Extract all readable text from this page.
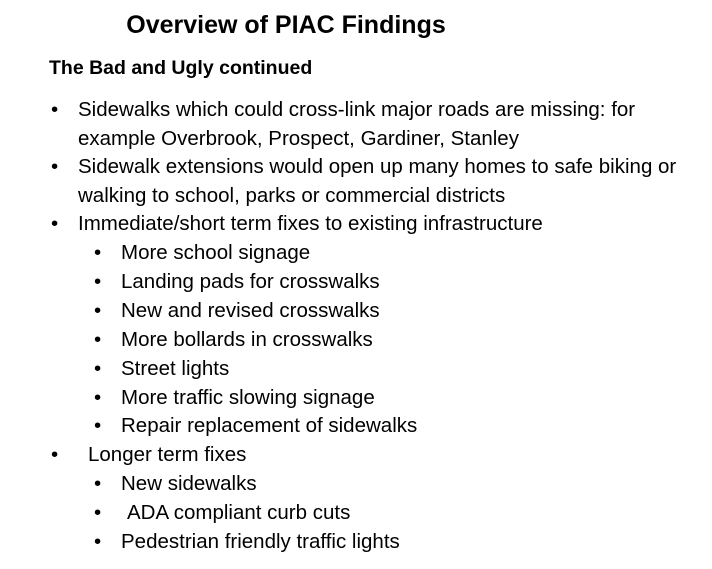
Overview of PIAC Findings
The Bad and Ugly continued
• Sidewalks which could cross-link major roads are missing: for example Overbrook, Prospect, Gardiner, Stanley
• Sidewalk extensions would open up many homes to safe biking or walking to school, parks or commercial districts
• Immediate/short term fixes to existing infrastructure
• More school signage
• Landing pads for crosswalks
• New and revised crosswalks
• More bollards in crosswalks
• Street lights
• More traffic slowing signage
• Repair replacement of sidewalks
• Longer term fixes
• New sidewalks
• ADA compliant curb cuts
• Pedestrian friendly traffic lights
